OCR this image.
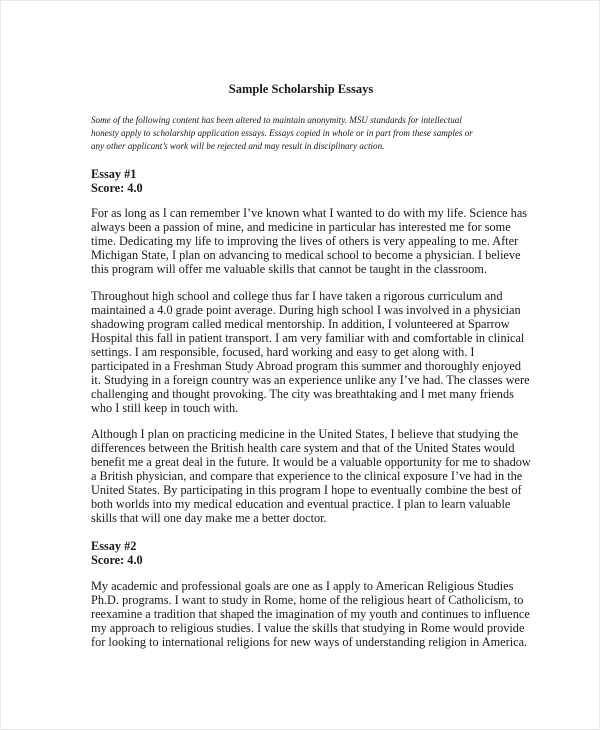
Sample Scholarship Essays
Some of the following content has been altered to maintain anonymity. MSU standards for intellectual
honesty apply to scholarship application essays. Essays copied in whole or in part from these samples or
any other applicant’s work will be rejected and may result in disciplinary action.
Essay #1
Score: 4.0
For as long as I can remember I’ve known what I wanted to do with my life. Science has
always been a passion of mine, and medicine in particular has interested me for some
time. Dedicating my life to improving the lives of others is very appealing to me. After
Michigan State, I plan on advancing to medical school to become a physician. I believe
this program will offer me valuable skills that cannot be taught in the classroom.
Throughout high school and college thus far I have taken a rigorous curriculum and
maintained a 4.0 grade point average. During high school I was involved in a physician
shadowing program called medical mentorship. In addition, I volunteered at Sparrow
Hospital this fall in patient transport. I am very familiar with and comfortable in clinical
settings. I am responsible, focused, hard working and easy to get along with. I
participated in a Freshman Study Abroad program this summer and thoroughly enjoyed
it. Studying in a foreign country was an experience unlike any I’ve had. The classes were
challenging and thought provoking. The city was breathtaking and I met many friends
who I still keep in touch with.
Although I plan on practicing medicine in the United States, I believe that studying the
differences between the British health care system and that of the United States would
benefit me a great deal in the future. It would be a valuable opportunity for me to shadow
a British physician, and compare that experience to the clinical exposure I’ve had in the
United States. By participating in this program I hope to eventually combine the best of
both worlds into my medical education and eventual practice. I plan to learn valuable
skills that will one day make me a better doctor.
Essay #2
Score: 4.0
My academic and professional goals are one as I apply to American Religious Studies
Ph.D. programs. I want to study in Rome, home of the religious heart of Catholicism, to
reexamine a tradition that shaped the imagination of my youth and continues to influence
my approach to religious studies. I value the skills that studying in Rome would provide
for looking to international religions for new ways of understanding religion in America.
